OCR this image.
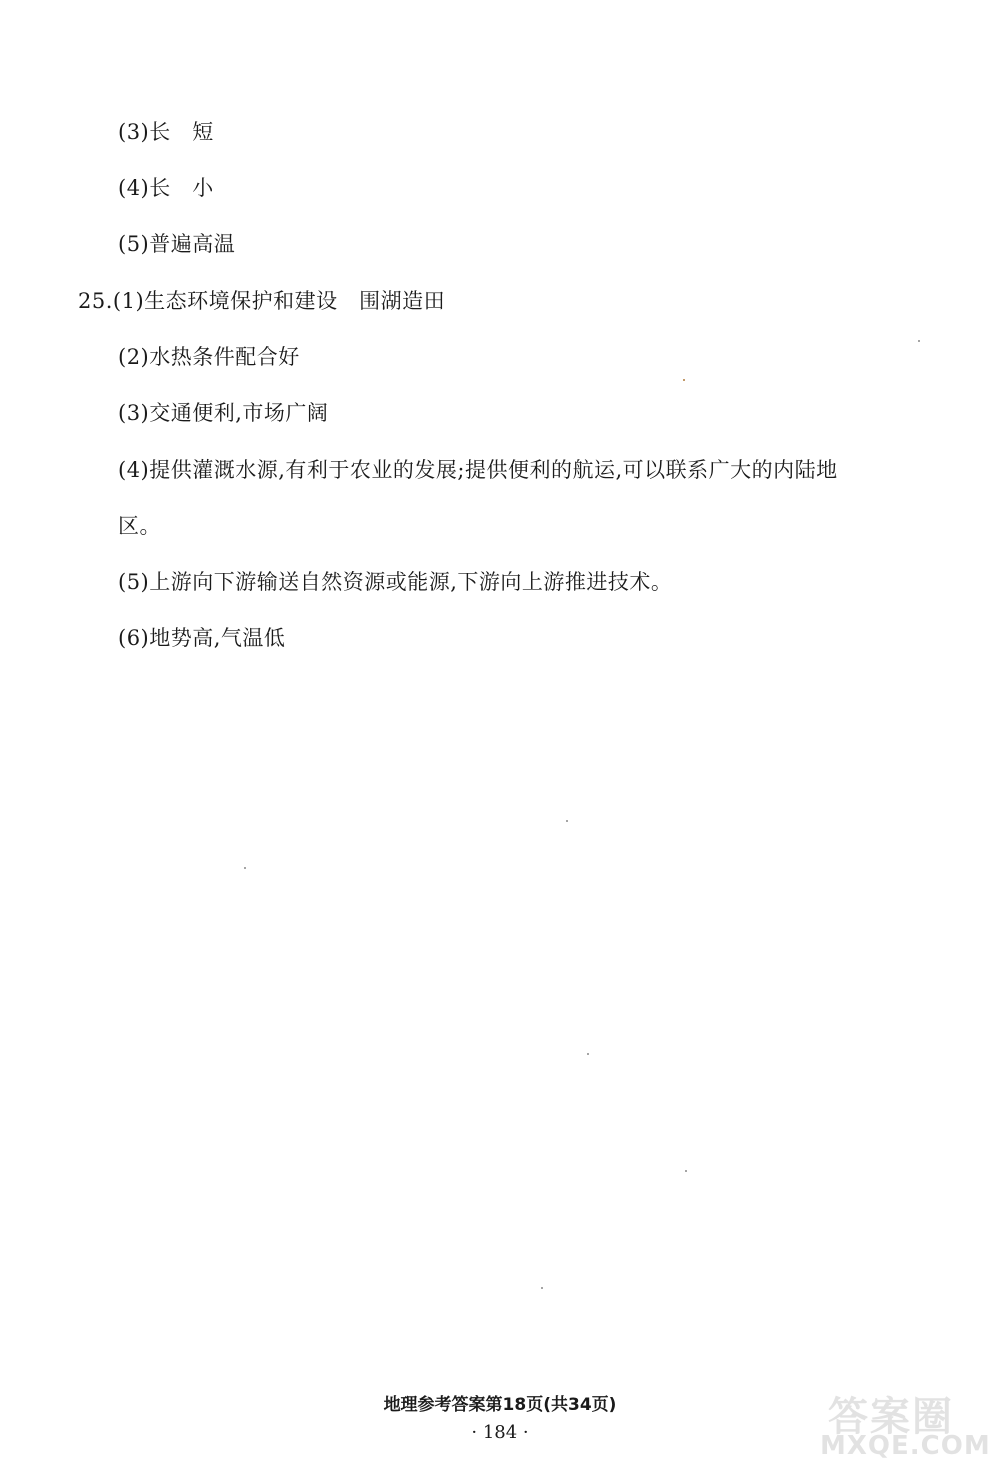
(3)长　短
(4)长　小
(5)普遍高温
25.(1)生态环境保护和建设　围湖造田
(2)水热条件配合好
(3)交通便利,市场广阔
(4)提供灌溉水源,有利于农业的发展;提供便利的航运,可以联系广大的内陆地
区。
(5)上游向下游输送自然资源或能源,下游向上游推进技术。
(6)地势高,气温低
地理参考答案第18页(共34页)
· 184 ·	答案圈
MXQE.COM
